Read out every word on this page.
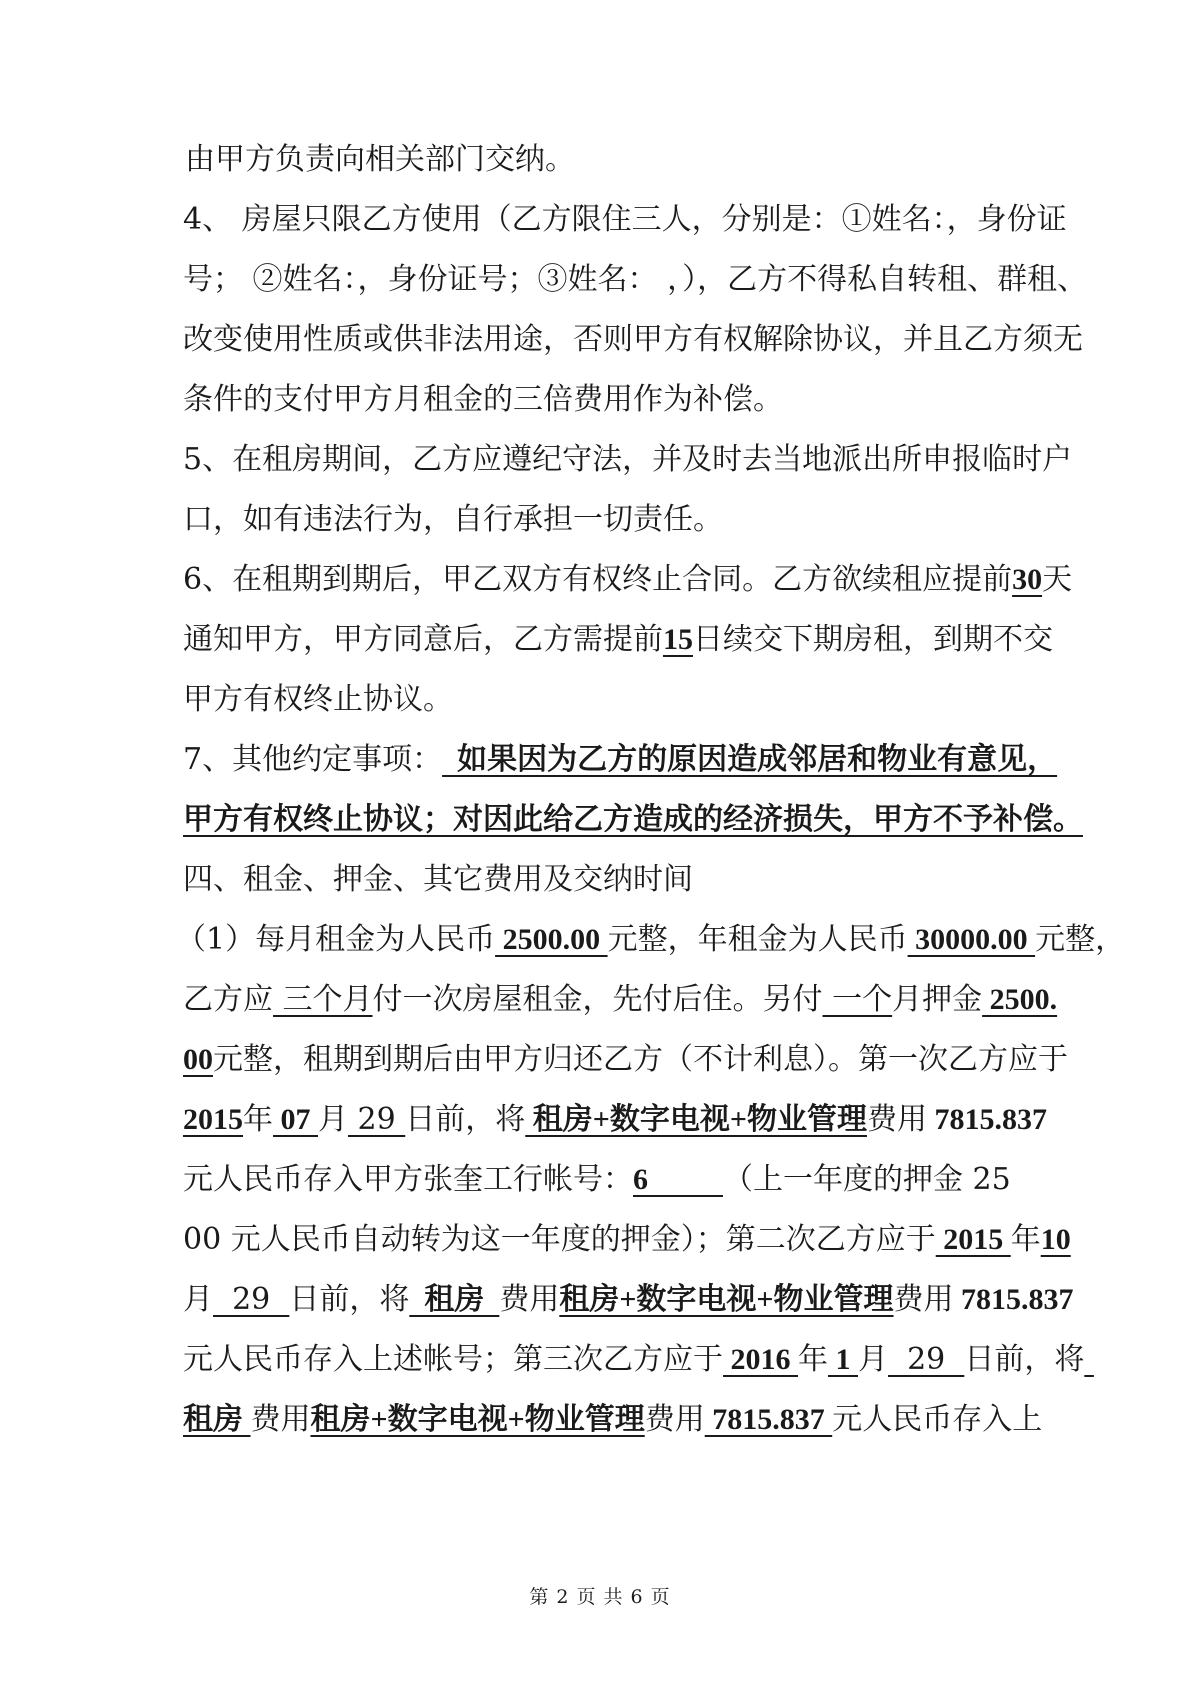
由甲方负责向相关部门交纳。
4、 房屋只限乙方使用（乙方限住三人，分别是：①姓名：，身份证
号； ②姓名：，身份证号；③姓名： ，），乙方不得私自转租、群租、
改变使用性质或供非法用途，否则甲方有权解除协议，并且乙方须无
条件的支付甲方月租金的三倍费用作为补偿。
5、在租房期间，乙方应遵纪守法，并及时去当地派出所申报临时户
口，如有违法行为，自行承担一切责任。
6、在租期到期后，甲乙双方有权终止合同。乙方欲续租应提前30天
通知甲方，甲方同意后，乙方需提前15日续交下期房租，到期不交
甲方有权终止协议。
7、其他约定事项：  如果因为乙方的原因造成邻居和物业有意见，
甲方有权终止协议；对因此给乙方造成的经济损失，甲方不予补偿。
四、租金、押金、其它费用及交纳时间
（1）每月租金为人民币 2500.00 元整，年租金为人民币 30000.00 元整，
乙方应 三个月付一次房屋租金，先付后住。另付 一个月押金 2500.
00元整，租期到期后由甲方归还乙方（不计利息）。第一次乙方应于
2015年 07 月 29 日前，将 租房+数字电视+物业管理费用 7815.837
元人民币存入甲方张奎工行帐号：6          （上一年度的押金 25
00 元人民币自动转为这一年度的押金）；第二次乙方应于 2015 年10
月  29  日前，将  租房  费用租房+数字电视+物业管理费用 7815.837
元人民币存入上述帐号；第三次乙方应于 2016 年 1 月  29  日前，将
租房 费用租房+数字电视+物业管理费用 7815.837 元人民币存入上
第 2 页 共 6 页
